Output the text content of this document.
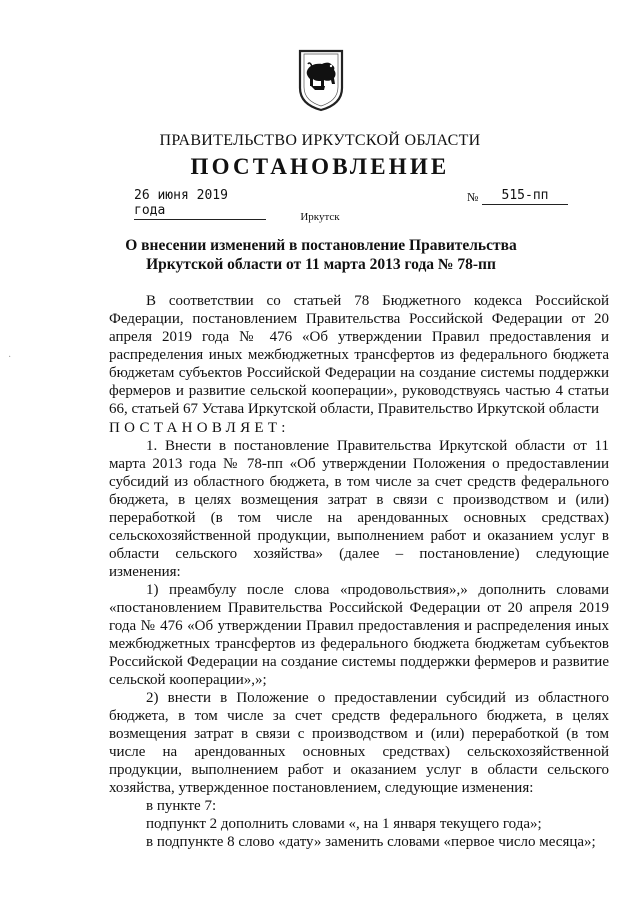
ПРАВИТЕЛЬСТВО ИРКУТСКОЙ ОБЛАСТИ
ПОСТАНОВЛЕНИЕ
26 июня 2019 года
№	515-пп
Иркутск
О внесении изменений в постановление Правительства Иркутской области от 11 марта 2013 года № 78-пп
·

В соответствии со статьей 78 Бюджетного кодекса Российской Федерации, постановлением Правительства Российской Федерации от 20 апреля 2019 года № 476 «Об утверждении Правил предоставления и распределения иных межбюджетных трансфертов из федерального бюджета бюджетам субъектов Российской Федерации на создание системы поддержки фермеров и развитие сельской кооперации», руководствуясь частью 4 статьи 66, статьей 67 Устава Иркутской области, Правительство Иркутской области

ПОСТАНОВЛЯЕТ:

1. Внести в постановление Правительства Иркутской области от 11 марта 2013 года № 78-пп «Об утверждении Положения о предоставлении субсидий из областного бюджета, в том числе за счет средств федерального бюджета, в целях возмещения затрат в связи с производством и (или) переработкой (в том числе на арендованных основных средствах) сельскохозяйственной продукции, выполнением работ и оказанием услуг в области сельского хозяйства» (далее – постановление) следующие изменения:

1) преамбулу после слова «продовольствия»,» дополнить словами «постановлением Правительства Российской Федерации от 20 апреля 2019 года № 476 «Об утверждении Правил предоставления и распределения иных межбюджетных трансфертов из федерального бюджета бюджетам субъектов Российской Федерации на создание системы поддержки фермеров и развитие сельской кооперации»,»;

2) внести в Положение о предоставлении субсидий из областного бюджета, в том числе за счет средств федерального бюджета, в целях возмещения затрат в связи с производством и (или) переработкой (в том числе на арендованных основных средствах) сельскохозяйственной продукции, выполнением работ и оказанием услуг в области сельского хозяйства, утвержденное постановлением, следующие изменения:

в пункте 7:

подпункт 2 дополнить словами «, на 1 января текущего года»;

в подпункте 8 слово «дату» заменить словами «первое число месяца»;
